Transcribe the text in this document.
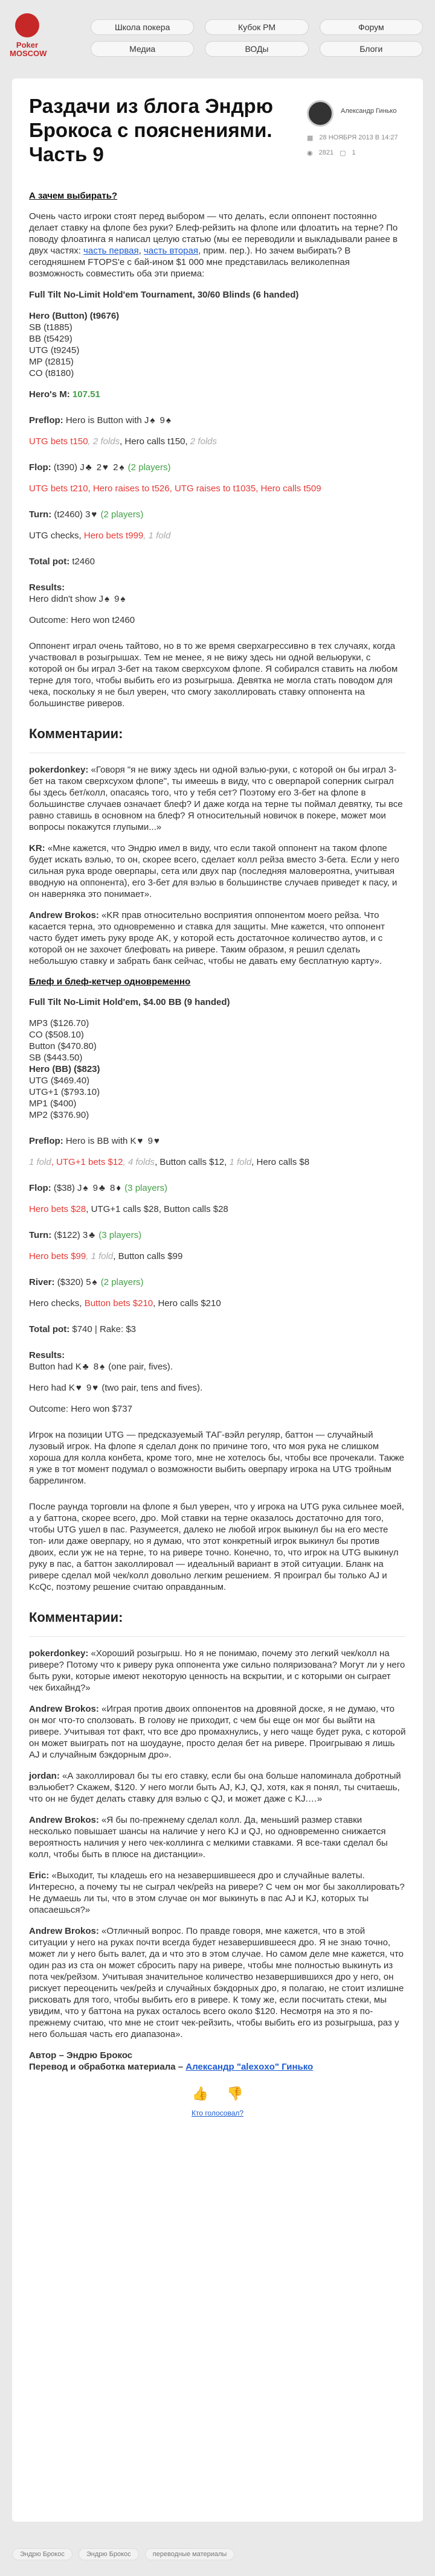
Poker MOSCOW
Школа покера	Кубок РМ	Форум
Медиа	ВОДы	Блоги
Раздачи из блога Эндрю Брокоса с пояснениями. Часть 9
Александр Гинько
▦ 28 НОЯБРЯ 2013 В 14:27
◉ 2821 ▢ 1
А зачем выбирать?

Очень часто игроки стоят перед выбором — что делать, если оппонент постоянно делает ставку на флопе без руки? Блеф-рейзить на флопе или флоатить на терне? По поводу флоатинга я написал целую статью (мы ее переводили и выкладывали ранее в двух частях: часть первая, часть вторая, прим. пер.). Но зачем выбирать? В сегодняшнем FTOPS'е с бай-ином $1 000 мне представилась великолепная возможность совместить оба эти приема:

Full Tilt No-Limit Hold'em Tournament, 30/60 Blinds (6 handed)
Hero (Button) (t9676)
SB (t1885)
BB (t5429)
UTG (t9245)
MP (t2815)
CO (t8180)
Hero's M: 107.51
Preflop: Hero is Button with J♠ 9♠
UTG bets t150, 2 folds, Hero calls t150, 2 folds
Flop: (t390) J♣ 2♥ 2♠ (2 players)
UTG bets t210, Hero raises to t526, UTG raises to t1035, Hero calls t509
Turn: (t2460) 3♥ (2 players)
UTG checks, Hero bets t999, 1 fold
Total pot: t2460
Results:
Hero didn't show J♠ 9♠
Outcome: Hero won t2460

Оппонент играл очень тайтово, но в то же время сверхагрессивно в тех случаях, когда участвовал в розыгрышах. Тем не менее, я не вижу здесь ни одной вельюруки, с которой он бы играл 3-бет на таком сверхсухом флопе. Я собирался ставить на любом терне для того, чтобы выбить его из розыгрыша. Девятка не могла стать поводом для чека, поскольку я не был уверен, что смогу заколлировать ставку оппонента на большинстве риверов.

Комментарии:

pokerdonkey: «Говоря "я не вижу здесь ни одной вэлью-руки, с которой он бы играл 3-бет на таком сверхсухом флопе", ты имеешь в виду, что с оверпарой соперник сыграл бы здесь бет/колл, опасаясь того, что у тебя сет? Поэтому его 3-бет на флопе в большинстве случаев означает блеф? И даже когда на терне ты поймал девятку, ты все равно ставишь в основном на блеф? Я относительный новичок в покере, может мои вопросы покажутся глупыми...»

KR: «Мне кажется, что Эндрю имел в виду, что если такой оппонент на таком флопе будет искать вэлью, то он, скорее всего, сделает колл рейза вместо 3-бета. Если у него сильная рука вроде оверпары, сета или двух пар (последняя маловероятна, учитывая вводную на оппонента), его 3-бет для вэлью в большинстве случаев приведет к пасу, и он наверняка это понимает».

Andrew Brokos: «KR прав относительно восприятия оппонентом моего рейза. Что касается терна, это одновременно и ставка для защиты. Мне кажется, что оппонент часто будет иметь руку вроде AK, у которой есть достаточное количество аутов, и с которой он не захочет блефовать на ривере. Таким образом, я решил сделать небольшую ставку и забрать банк сейчас, чтобы не давать ему бесплатную карту».

Блеф и блеф-кетчер одновременно
Full Tilt No-Limit Hold'em, $4.00 BB (9 handed)
MP3 ($126.70)
CO ($508.10)
Button ($470.80)
SB ($443.50)
Hero (BB) ($823)
UTG ($469.40)
UTG+1 ($793.10)
MP1 ($400)
MP2 ($376.90)
Preflop: Hero is BB with K♥ 9♥
1 fold, UTG+1 bets $12, 4 folds, Button calls $12, 1 fold, Hero calls $8
Flop: ($38) J♠ 9♣ 8♦ (3 players)
Hero bets $28, UTG+1 calls $28, Button calls $28
Turn: ($122) 3♣ (3 players)
Hero bets $99, 1 fold, Button calls $99
River: ($320) 5♠ (2 players)
Hero checks, Button bets $210, Hero calls $210
Total pot: $740 | Rake: $3
Results:
Button had K♣ 8♠ (one pair, fives).
Hero had K♥ 9♥ (two pair, tens and fives).
Outcome: Hero won $737

Игрок на позиции UTG — предсказуемый ТАГ-вэйл регуляр, баттон — случайный лузовый игрок. На флопе я сделал донк по причине того, что моя рука не слишком хороша для колла конбета, кроме того, мне не хотелось бы, чтобы все прочекали. Также я уже в тот момент подумал о возможности выбить оверпару игрока на UTG тройным баррелингом.

После раунда торговли на флопе я был уверен, что у игрока на UTG рука сильнее моей, а у баттона, скорее всего, дро. Мой ставки на терне оказалось достаточно для того, чтобы UTG ушел в пас. Разумеется, далеко не любой игрок выкинул бы на его месте топ- или даже оверпару, но я думаю, что этот конкретный игрок выкинул бы против двоих, если уж не на терне, то на ривере точно. Конечно, то, что игрок на UTG выкинул руку в пас, а баттон заколлировал — идеальный вариант в этой ситуации. Бланк на ривере сделал мой чек/колл довольно легким решением. Я проиграл бы только AJ и KcQc, поэтому решение считаю оправданным.

Комментарии:

pokerdonkey: «Хороший розыгрыш. Но я не понимаю, почему это легкий чек/колл на ривере? Потому что к риверу рука оппонента уже сильно поляризована? Могут ли у него быть руки, которые имеют некоторую ценность на вскрытии, и с которыми он сыграет чек бихайнд?»

Andrew Brokos: «Играя против двоих оппонентов на дровяной доске, я не думаю, что он мог что-то сползовать. В голову не приходит, с чем бы еще он мог бы выйти на ривере. Учитывая тот факт, что все дро промахнулись, у него чаще будет рука, с которой он может выиграть пот на шоудауне, просто делая бет на ривере. Проигрываю я лишь AJ и случайным бэкдорным дро».

jordan: «А заколлировал бы ты его ставку, если бы она больше напоминала добротный вэльюбет? Скажем, $120. У него могли быть AJ, KJ, QJ, хотя, как я понял, ты считаешь, что он не будет делать ставку для вэлью с QJ, и может даже с KJ.…»

Andrew Brokos: «Я бы по-прежнему сделал колл. Да, меньший размер ставки несколько повышает шансы на наличие у него KJ и QJ, но одновременно снижается вероятность наличия у него чек-коллинга с мелкими ставками. Я все-таки сделал бы колл, чтобы быть в плюсе на дистанции».

Eric: «Выходит, ты кладешь его на незавершившееся дро и случайные валеты. Интересно, а почему ты не сыграл чек/рейз на ривере? С чем он мог бы заколлировать? Не думаешь ли ты, что в этом случае он мог выкинуть в пас AJ и KJ, которых ты опасаешься?»

Andrew Brokos: «Отличный вопрос. По правде говоря, мне кажется, что в этой ситуации у него на руках почти всегда будет незавершившееся дро. Я не знаю точно, может ли у него быть валет, да и что это в этом случае. Но самом деле мне кажется, что один раз из ста он может сбросить пару на ривере, чтобы мне полностью выкинуть из пота чек/рейзом. Учитывая значительное количество незавершившихся дро у него, он рискует переоценить чек/рейз и случайных бэкдорных дро, я полагаю, не стоит излишне рисковать для того, чтобы выбить его в ривере. К тому же, если посчитать стеки, мы увидим, что у баттона на руках осталось всего около $120. Несмотря на это я по-прежнему считаю, что мне не стоит чек-рейзить, чтобы выбить его из розыгрыша, раз у него большая часть его диапазона».

Автор – Эндрю Брокос
Перевод и обработка материала – Александр "alexoxo" Гинько
👍 👎
Кто голосовал?
Эндрю Брокос	Эндрю Брокос	переводные материалы
